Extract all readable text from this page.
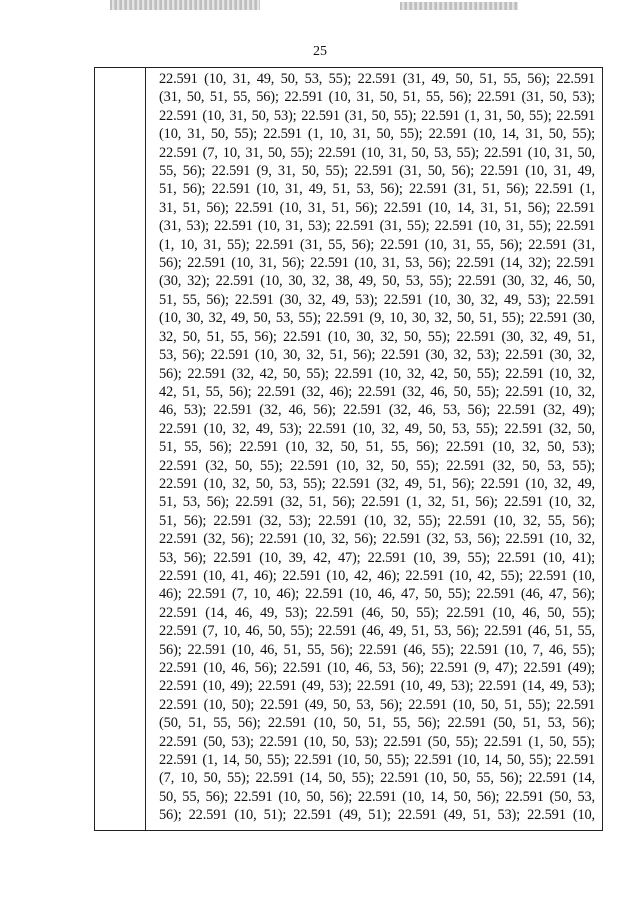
25

22.591 (10, 31, 49, 50, 53, 55); 22.591 (31, 49, 50, 51, 55, 56); 22.591
(31, 50, 51, 55, 56); 22.591 (10, 31, 50, 51, 55, 56); 22.591 (31, 50, 53);
22.591 (10, 31, 50, 53); 22.591 (31, 50, 55); 22.591 (1, 31, 50, 55); 22.591
(10, 31, 50, 55); 22.591 (1, 10, 31, 50, 55); 22.591 (10, 14, 31, 50, 55);
22.591 (7, 10, 31, 50, 55); 22.591 (10, 31, 50, 53, 55); 22.591 (10, 31, 50,
55, 56); 22.591 (9, 31, 50, 55); 22.591 (31, 50, 56); 22.591 (10, 31, 49,
51, 56); 22.591 (10, 31, 49, 51, 53, 56); 22.591 (31, 51, 56); 22.591 (1,
31, 51, 56); 22.591 (10, 31, 51, 56); 22.591 (10, 14, 31, 51, 56); 22.591
(31, 53); 22.591 (10, 31, 53); 22.591 (31, 55); 22.591 (10, 31, 55); 22.591
(1, 10, 31, 55); 22.591 (31, 55, 56); 22.591 (10, 31, 55, 56); 22.591 (31,
56); 22.591 (10, 31, 56); 22.591 (10, 31, 53, 56); 22.591 (14, 32); 22.591
(30, 32); 22.591 (10, 30, 32, 38, 49, 50, 53, 55); 22.591 (30, 32, 46, 50,
51, 55, 56); 22.591 (30, 32, 49, 53); 22.591 (10, 30, 32, 49, 53); 22.591
(10, 30, 32, 49, 50, 53, 55); 22.591 (9, 10, 30, 32, 50, 51, 55); 22.591 (30,
32, 50, 51, 55, 56); 22.591 (10, 30, 32, 50, 55); 22.591 (30, 32, 49, 51,
53, 56); 22.591 (10, 30, 32, 51, 56); 22.591 (30, 32, 53); 22.591 (30, 32,
56); 22.591 (32, 42, 50, 55); 22.591 (10, 32, 42, 50, 55); 22.591 (10, 32,
42, 51, 55, 56); 22.591 (32, 46); 22.591 (32, 46, 50, 55); 22.591 (10, 32,
46, 53); 22.591 (32, 46, 56); 22.591 (32, 46, 53, 56); 22.591 (32, 49);
22.591 (10, 32, 49, 53); 22.591 (10, 32, 49, 50, 53, 55); 22.591 (32, 50,
51, 55, 56); 22.591 (10, 32, 50, 51, 55, 56); 22.591 (10, 32, 50, 53);
22.591 (32, 50, 55); 22.591 (10, 32, 50, 55); 22.591 (32, 50, 53, 55);
22.591 (10, 32, 50, 53, 55); 22.591 (32, 49, 51, 56); 22.591 (10, 32, 49,
51, 53, 56); 22.591 (32, 51, 56); 22.591 (1, 32, 51, 56); 22.591 (10, 32,
51, 56); 22.591 (32, 53); 22.591 (10, 32, 55); 22.591 (10, 32, 55, 56);
22.591 (32, 56); 22.591 (10, 32, 56); 22.591 (32, 53, 56); 22.591 (10, 32,
53, 56); 22.591 (10, 39, 42, 47); 22.591 (10, 39, 55); 22.591 (10, 41);
22.591 (10, 41, 46); 22.591 (10, 42, 46); 22.591 (10, 42, 55); 22.591 (10,
46); 22.591 (7, 10, 46); 22.591 (10, 46, 47, 50, 55); 22.591 (46, 47, 56);
22.591 (14, 46, 49, 53); 22.591 (46, 50, 55); 22.591 (10, 46, 50, 55);
22.591 (7, 10, 46, 50, 55); 22.591 (46, 49, 51, 53, 56); 22.591 (46, 51, 55,
56); 22.591 (10, 46, 51, 55, 56); 22.591 (46, 55); 22.591 (10, 7, 46, 55);
22.591 (10, 46, 56); 22.591 (10, 46, 53, 56); 22.591 (9, 47); 22.591 (49);
22.591 (10, 49); 22.591 (49, 53); 22.591 (10, 49, 53); 22.591 (14, 49, 53);
22.591 (10, 50); 22.591 (49, 50, 53, 56); 22.591 (10, 50, 51, 55); 22.591
(50, 51, 55, 56); 22.591 (10, 50, 51, 55, 56); 22.591 (50, 51, 53, 56);
22.591 (50, 53); 22.591 (10, 50, 53); 22.591 (50, 55); 22.591 (1, 50, 55);
22.591 (1, 14, 50, 55); 22.591 (10, 50, 55); 22.591 (10, 14, 50, 55); 22.591
(7, 10, 50, 55); 22.591 (14, 50, 55); 22.591 (10, 50, 55, 56); 22.591 (14,
50, 55, 56); 22.591 (10, 50, 56); 22.591 (10, 14, 50, 56); 22.591 (50, 53,
56); 22.591 (10, 51); 22.591 (49, 51); 22.591 (49, 51, 53); 22.591 (10,
